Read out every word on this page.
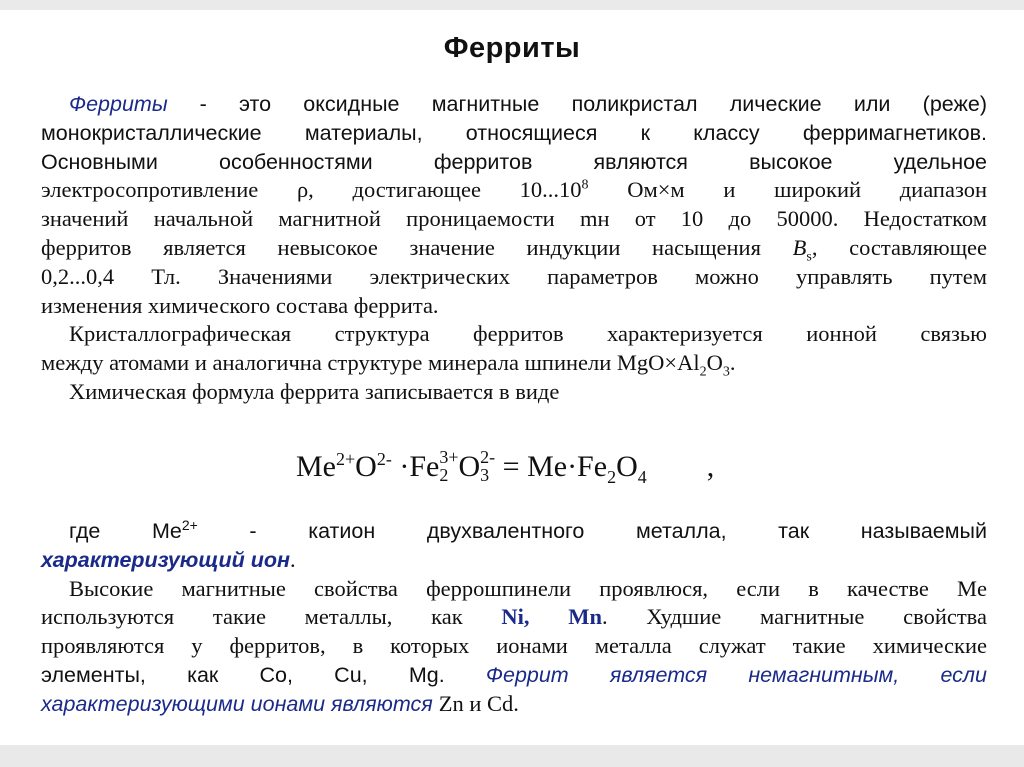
Ферриты
Ферриты - это оксидные магнитные поликристал лические или (реже)
монокристаллические материалы, относящиеся к классу ферримагнетиков.
Основными особенностями ферритов являются высокое удельное
электросопротивление ρ, достигающее 10...10$^8$ Ом×м и широкий диапазон
значений начальной магнитной проницаемости mн от 10 до 50000. Недостатком
ферритов является невысокое значение индукции насыщения $B_s$, составляющее
0,2...0,4 Тл. Значениями электрических параметров можно управлять путем
изменения химического состава феррита.
Кристаллографическая структура ферритов характеризуется ионной связью
между атомами и аналогична структуре минерала шпинели $MgO\times Al_2O_3$.
Химическая формула феррита записывается в виде
$Me^{2+}O^{2-} \cdot Fe$ 3+
2 O 2-
$3 = Me\cdot Fe_2O_4$ ,
где $Me^{2+}$ - катион двухвалентного металла, так называемый
характеризующий ион.
Высокие магнитные свойства феррошпинели проявлюся, если в качестве Me
используются такие металлы, как Ni, Mn. Худшие магнитные свойства
проявляются у ферритов, в которых ионами металла служат такие химические
элементы, как Co, Cu, Mg. Феррит является немагнитным, если
характеризующими ионами являются Zn и Cd.
